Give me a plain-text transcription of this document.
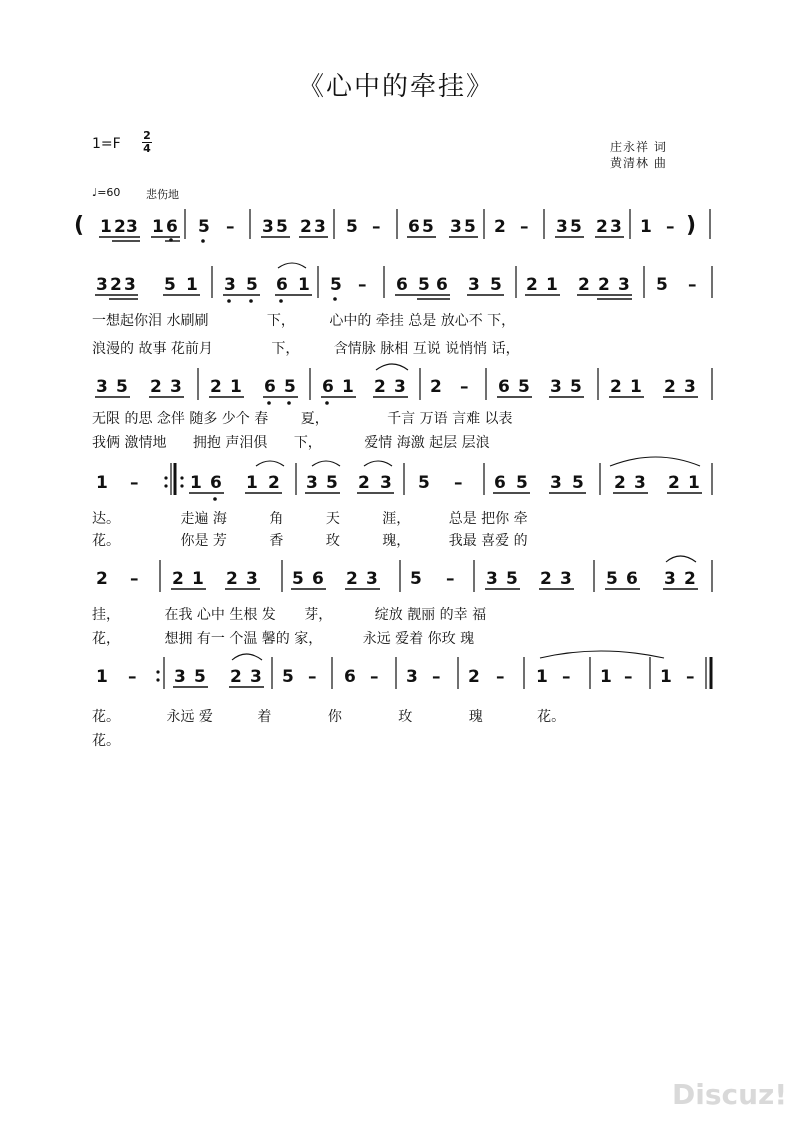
《心中的牵挂》
1=F
2
4	庄永祥 词
黄清林 曲
♩=60 悲伤地
( 1 2 3 1 6 5 – 3 5 2 3 5 – 6 5 3 5 2 – 3 5 2 3 1 – )
3 2 3 5 1 3 5 6 1 5 – 6 5 6 3 5 2 1 2 2 3 5 –
3 5 2 3 2 1 6 5 6 1 2 3 2 – 6 5 3 5 2 1 2 3
1 –	1 6 1 2 3 5 2 3 5 – 6 5 3 5 2 3 2 1
2 – 2 1 2 3 5 6 2 3 5 – 3 5 2 3 5 6 3 2
1 – 3 5 2 3 5 – 6 – 3 – 2 – 1 – 1 – 1 –
一想起你泪 水刷刷	下， 心中的 牵挂 总是 放心不 下，
浪漫的 故事 花前月	下， 含情脉 脉相 互说 说悄悄 话，
无限 的思 念伴 随多 少个 春 夏，	千言 万语 言难 以表
我俩 激情地 拥抱 声泪俱 下，	爱情 海激 起层 层浪
达。	走遍 海	角	天	涯，	总是 把你 牵
花。	你是 芳	香	玫	瑰，	我最 喜爱 的
挂，	在我 心中 生根 发 芽，	绽放 靓丽 的幸 福
花，	想拥 有一 个温 馨的 家，	永远 爱着 你玫 瑰
花。	永远 爱	着	你	玫	瑰	花。
花。
Discuz!
